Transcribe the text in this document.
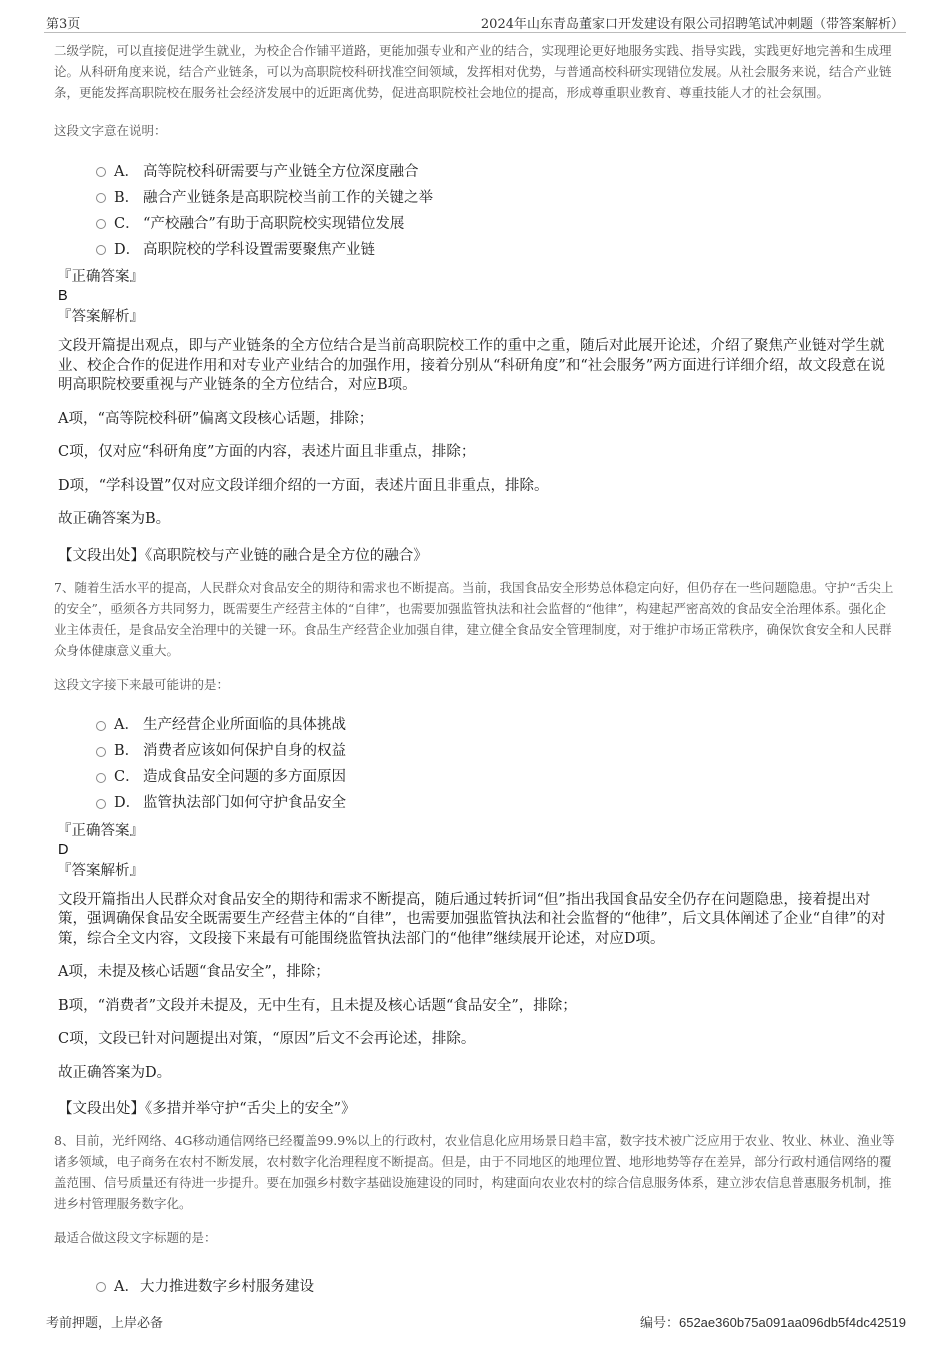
第3页	2024年山东青岛董家口开发建设有限公司招聘笔试冲刺题（带答案解析）

二级学院，可以直接促进学生就业，为校企合作铺平道路，更能加强专业和产业的结合，实现理论更好地服务实践、指导实践，实践更好地完善和生成理论。从科研角度来说，结合产业链条，可以为高职院校科研找准空间领域，发挥相对优势，与普通高校科研实现错位发展。从社会服务来说，结合产业链条，更能发挥高职院校在服务社会经济发展中的近距离优势，促进高职院校社会地位的提高，形成尊重职业教育、尊重技能人才的社会氛围。

这段文字意在说明：

A． 高等院校科研需要与产业链全方位深度融合
B． 融合产业链条是高职院校当前工作的关键之举
C． “产校融合”有助于高职院校实现错位发展
D． 高职院校的学科设置需要聚焦产业链

『正确答案』

B

『答案解析』

文段开篇提出观点，即与产业链条的全方位结合是当前高职院校工作的重中之重，随后对此展开论述，介绍了聚焦产业链对学生就业、校企合作的促进作用和对专业产业结合的加强作用，接着分别从“科研角度”和“社会服务”两方面进行详细介绍，故文段意在说明高职院校要重视与产业链条的全方位结合，对应B项。

A项，“高等院校科研”偏离文段核心话题，排除；

C项，仅对应“科研角度”方面的内容，表述片面且非重点，排除；

D项，“学科设置”仅对应文段详细介绍的一方面，表述片面且非重点，排除。

故正确答案为B。

【文段出处】《高职院校与产业链的融合是全方位的融合》

7、随着生活水平的提高，人民群众对食品安全的期待和需求也不断提高。当前，我国食品安全形势总体稳定向好，但仍存在一些问题隐患。守护“舌尖上的安全”，亟须各方共同努力，既需要生产经营主体的“自律”，也需要加强监管执法和社会监督的“他律”，构建起严密高效的食品安全治理体系。强化企业主体责任，是食品安全治理中的关键一环。食品生产经营企业加强自律，建立健全食品安全管理制度，对于维护市场正常秩序，确保饮食安全和人民群众身体健康意义重大。

这段文字接下来最可能讲的是：

A． 生产经营企业所面临的具体挑战
B． 消费者应该如何保护自身的权益
C． 造成食品安全问题的多方面原因
D． 监管执法部门如何守护食品安全

『正确答案』

D

『答案解析』

文段开篇指出人民群众对食品安全的期待和需求不断提高，随后通过转折词“但”指出我国食品安全仍存在问题隐患，接着提出对策，强调确保食品安全既需要生产经营主体的“自律”，也需要加强监管执法和社会监督的“他律”，后文具体阐述了企业“自律”的对策，综合全文内容，文段接下来最有可能围绕监管执法部门的“他律”继续展开论述，对应D项。

A项，未提及核心话题“食品安全”，排除；

B项，“消费者”文段并未提及，无中生有，且未提及核心话题“食品安全”，排除；

C项，文段已针对问题提出对策，“原因”后文不会再论述，排除。

故正确答案为D。

【文段出处】《多措并举守护“舌尖上的安全”》

8、目前，光纤网络、4G移动通信网络已经覆盖99.9%以上的行政村，农业信息化应用场景日趋丰富，数字技术被广泛应用于农业、牧业、林业、渔业等诸多领域，电子商务在农村不断发展，农村数字化治理程度不断提高。但是，由于不同地区的地理位置、地形地势等存在差异，部分行政村通信网络的覆盖范围、信号质量还有待进一步提升。要在加强乡村数字基础设施建设的同时，构建面向农业农村的综合信息服务体系，建立涉农信息普惠服务机制，推进乡村管理服务数字化。

最适合做这段文字标题的是：

A． 大力推进数字乡村服务建设
考前押题，上岸必备	编号：652ae360b75a091aa096db5f4dc42519
